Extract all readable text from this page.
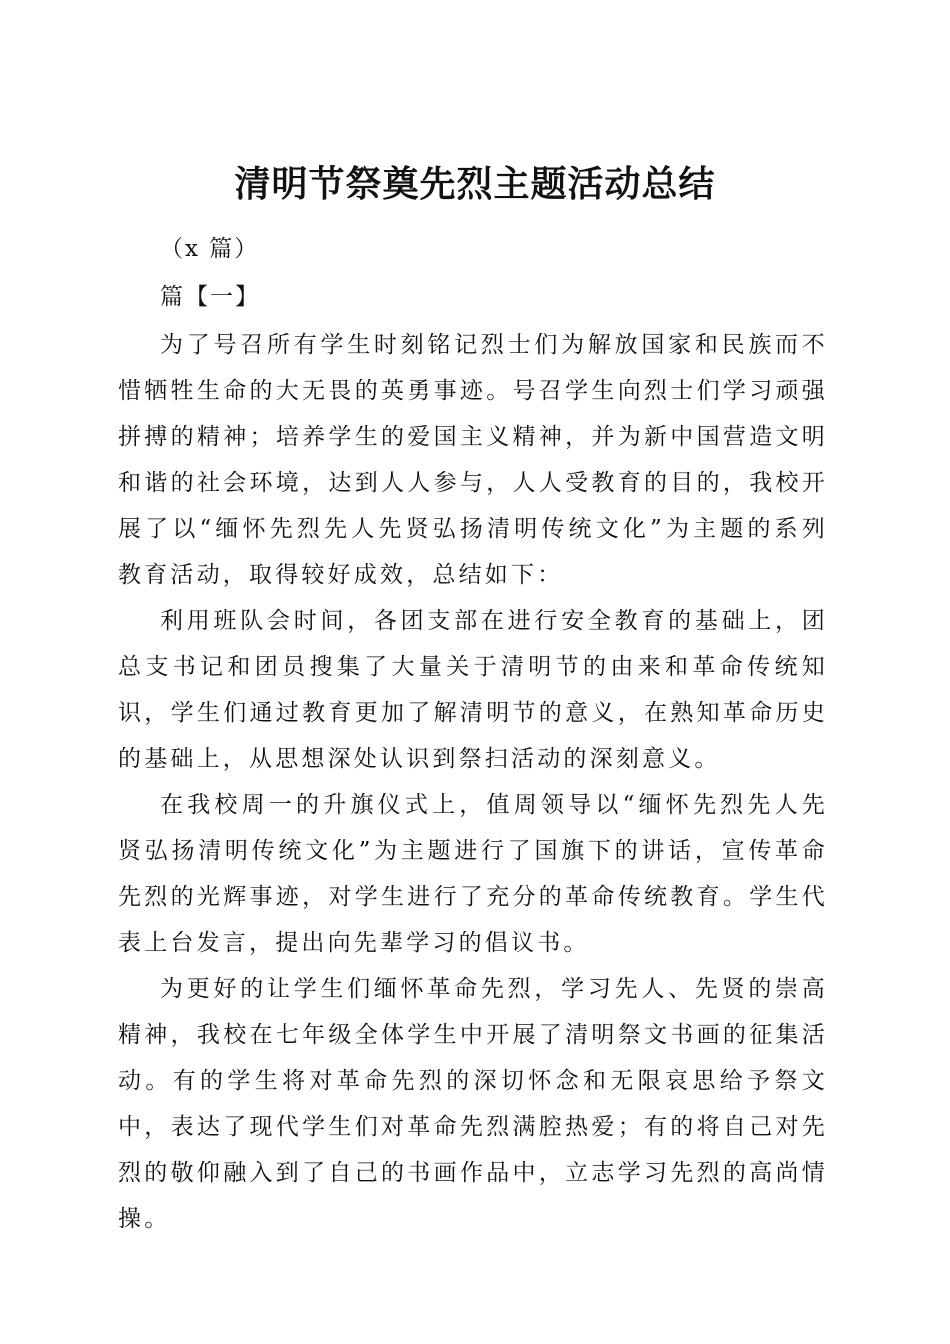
清明节祭奠先烈主题活动总结
（x 篇）
篇【一】

为了号召所有学生时刻铭记烈士们为解放国家和民族而不惜牺牲生命的大无畏的英勇事迹。号召学生向烈士们学习顽强拼搏的精神；培养学生的爱国主义精神，并为新中国营造文明和谐的社会环境，达到人人参与，人人受教育的目的，我校开展了以“缅怀先烈先人先贤弘扬清明传统文化”为主题的系列教育活动，取得较好成效，总结如下：

利用班队会时间，各团支部在进行安全教育的基础上，团总支书记和团员搜集了大量关于清明节的由来和革命传统知识，学生们通过教育更加了解清明节的意义，在熟知革命历史的基础上，从思想深处认识到祭扫活动的深刻意义。

在我校周一的升旗仪式上，值周领导以“缅怀先烈先人先贤弘扬清明传统文化”为主题进行了国旗下的讲话，宣传革命先烈的光辉事迹，对学生进行了充分的革命传统教育。学生代表上台发言，提出向先辈学习的倡议书。

为更好的让学生们缅怀革命先烈，学习先人、先贤的崇高精神，我校在七年级全体学生中开展了清明祭文书画的征集活动。有的学生将对革命先烈的深切怀念和无限哀思给予祭文中，表达了现代学生们对革命先烈满腔热爱；有的将自己对先烈的敬仰融入到了自己的书画作品中，立志学习先烈的高尚情操。
